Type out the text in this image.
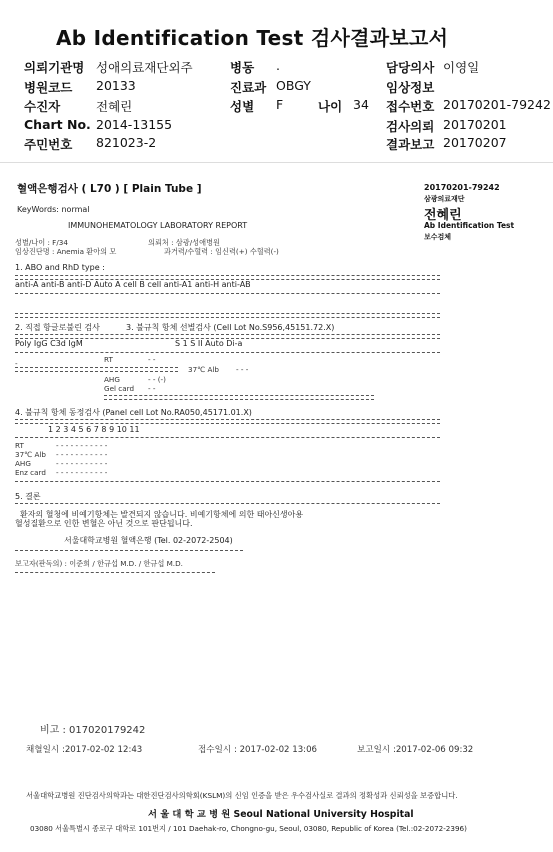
Ab Identification Test 검사결과보고서
의뢰기관명 성애의료재단외주	병동 .	담당의사 이영일
병원코드 20133	진료과 OBGY	임상정보
수진자	전혜린	성별 F	나이 34 접수번호 20170201-79242
Chart No. 2014-13155	검사의뢰 20170201
주민번호 821023-2	결과보고 20170207
혈액은행검사 ( L70 ) [ Plain Tube ]
KeyWords: normal
IMMUNOHEMATOLOGY LABORATORY REPORT
20170201-79242
삼광의료재단
전혜린
Ab Identification Test
보수검체
성별/나이 : F/34
임상진단명 : Anemia 환아의 모
의뢰처 : 삼광/성애병원
과거력/수혈력 : 임신력(+) 수혈력(-)
1. ABO and RhD type :
anti-A anti-B anti-D Auto A cell B cell anti-A1 anti-H anti-AB
2. 직접 항글로불린 검사	3. 불규칙 항체 선별검사 (Cell Lot No.S956,45151.72.X)
Poly IgG C3d IgM	S 1 S II Auto Di-a
-	RT	- -
37℃ Alb - - -
AHG	- - (-)
Gel card - -
4. 불규칙 항체 동정검사 (Panel cell Lot No.RA050,45171.01.X)
1 2 3 4 5 6 7 8 9 10 11
RT	- - - - - - - - - - -
37℃ Alb - - - - - - - - - - -
AHG	- - - - - - - - - - -
Enz card - - - - - - - - - - -
5. 결론
환자의 혈청에 비예기항체는 발견되지 않습니다. 비예기항체에 의한 태아신생아용
혈성질환으로 인한 변혈은 아닌 것으로 판단됩니다.
서울대학교병원 혈액은행 (Tel. 02-2072-2504)
보고자(판독의) : 이준희 / 한규섭 M.D. / 한규섭 M.D.
비고 : 017020179242
채혈일시 :2017-02-02 12:43	접수일시 : 2017-02-02 13:06	보고일시 :2017-02-06 09:32
서울대학교병원 진단검사의학과는 대한진단검사의학회(KSLM)의 신임 인증을 받은 우수검사실로 결과의 정확성과 신뢰성을 보증합니다.
서 울 대 학 교 병 원 Seoul National University Hospital
03080 서울특별시 종로구 대학로 101번지 / 101 Daehak-ro, Chongno-gu, Seoul, 03080, Republic of Korea (Tel.:02-2072-2396)
